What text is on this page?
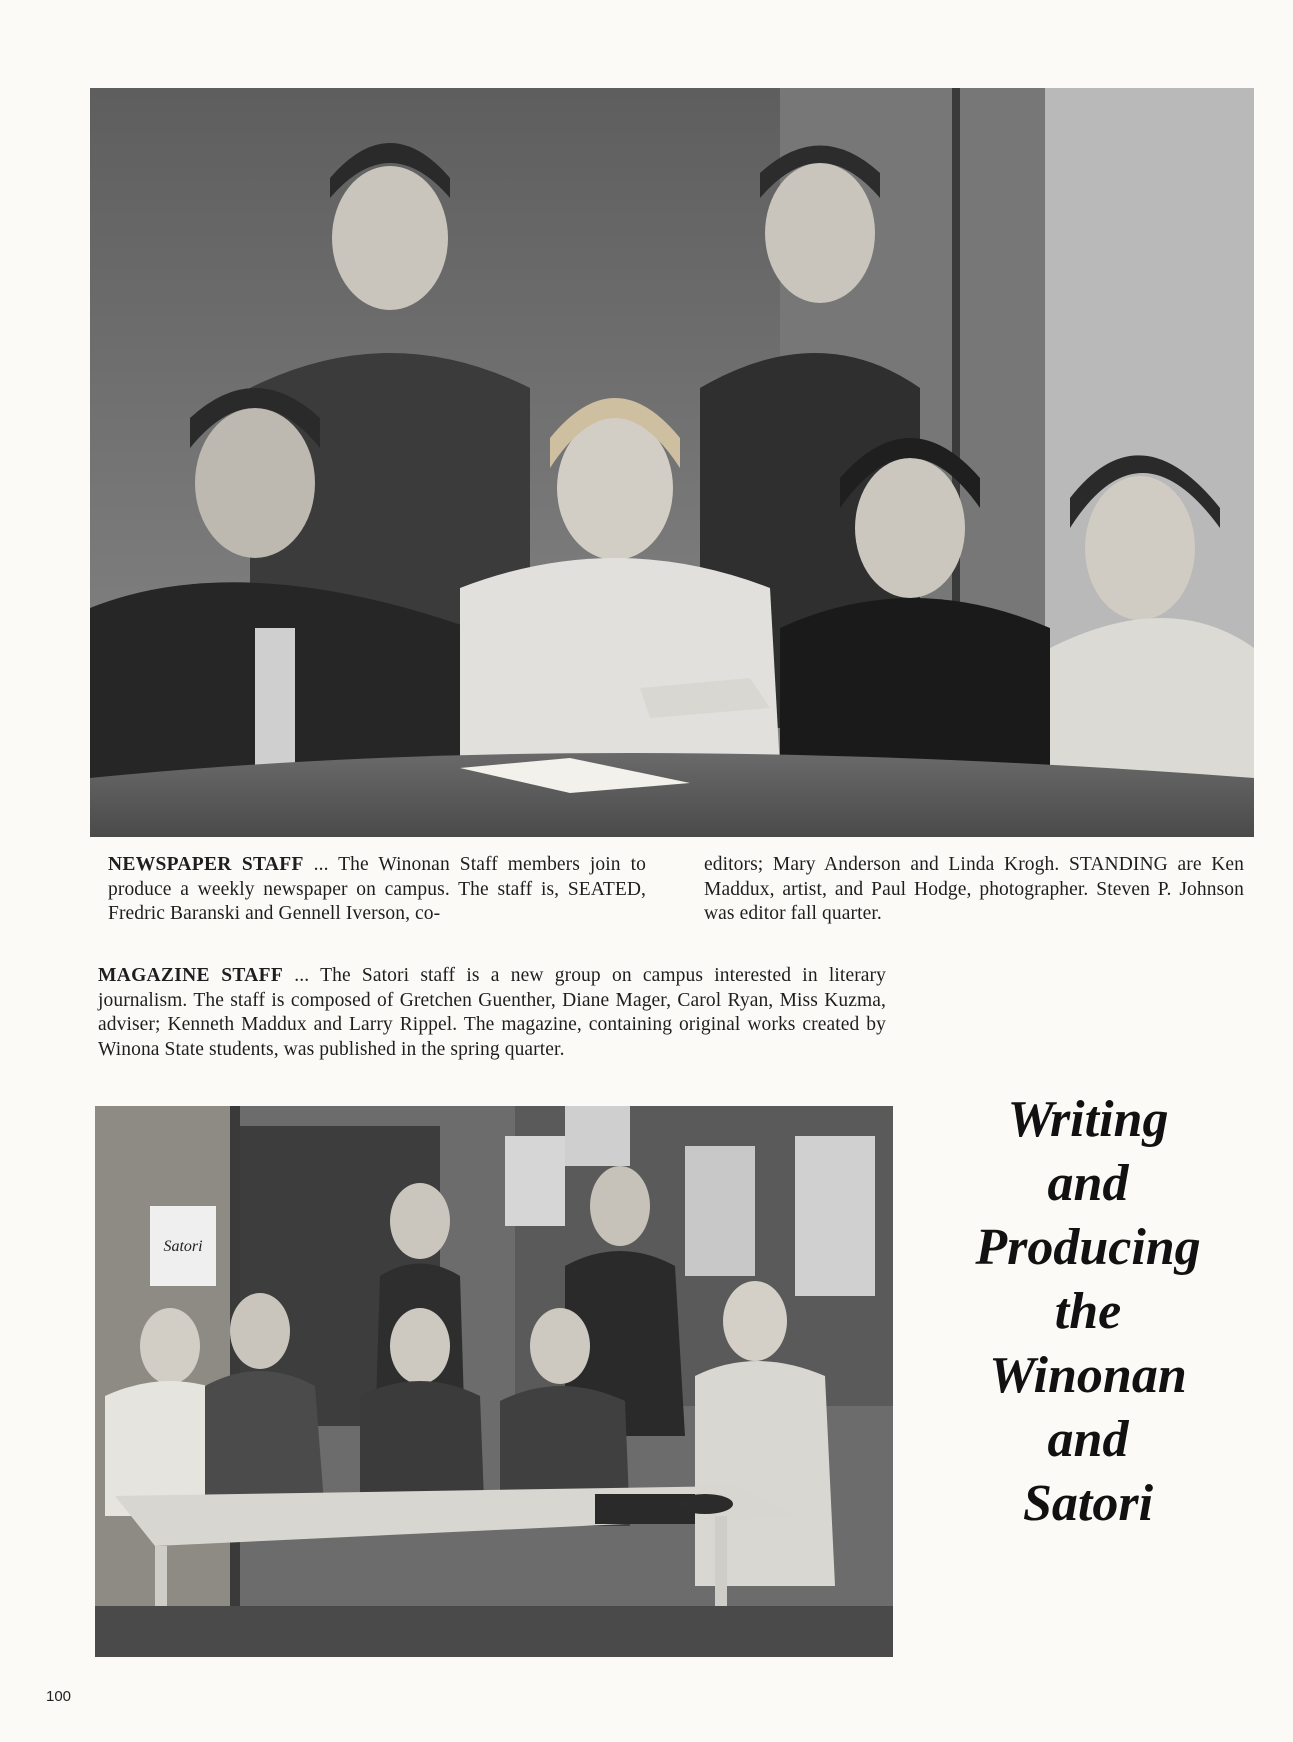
NEWSPAPER STAFF ... The Winonan Staff members join to produce a weekly newspaper on campus. The staff is, SEATED, Fredric Baranski and Gennell Iverson, co-
editors; Mary Anderson and Linda Krogh. STANDING are Ken Maddux, artist, and Paul Hodge, photographer. Steven P. Johnson was editor fall quarter.
MAGAZINE STAFF ... The Satori staff is a new group on campus interested in literary journalism. The staff is composed of Gretchen Guenther, Diane Mager, Carol Ryan, Miss Kuzma, adviser; Kenneth Maddux and Larry Rippel. The magazine, containing original works created by Winona State students, was published in the spring quarter.
Satori
Writing
and
Producing
the
Winonan
and
Satori
100
